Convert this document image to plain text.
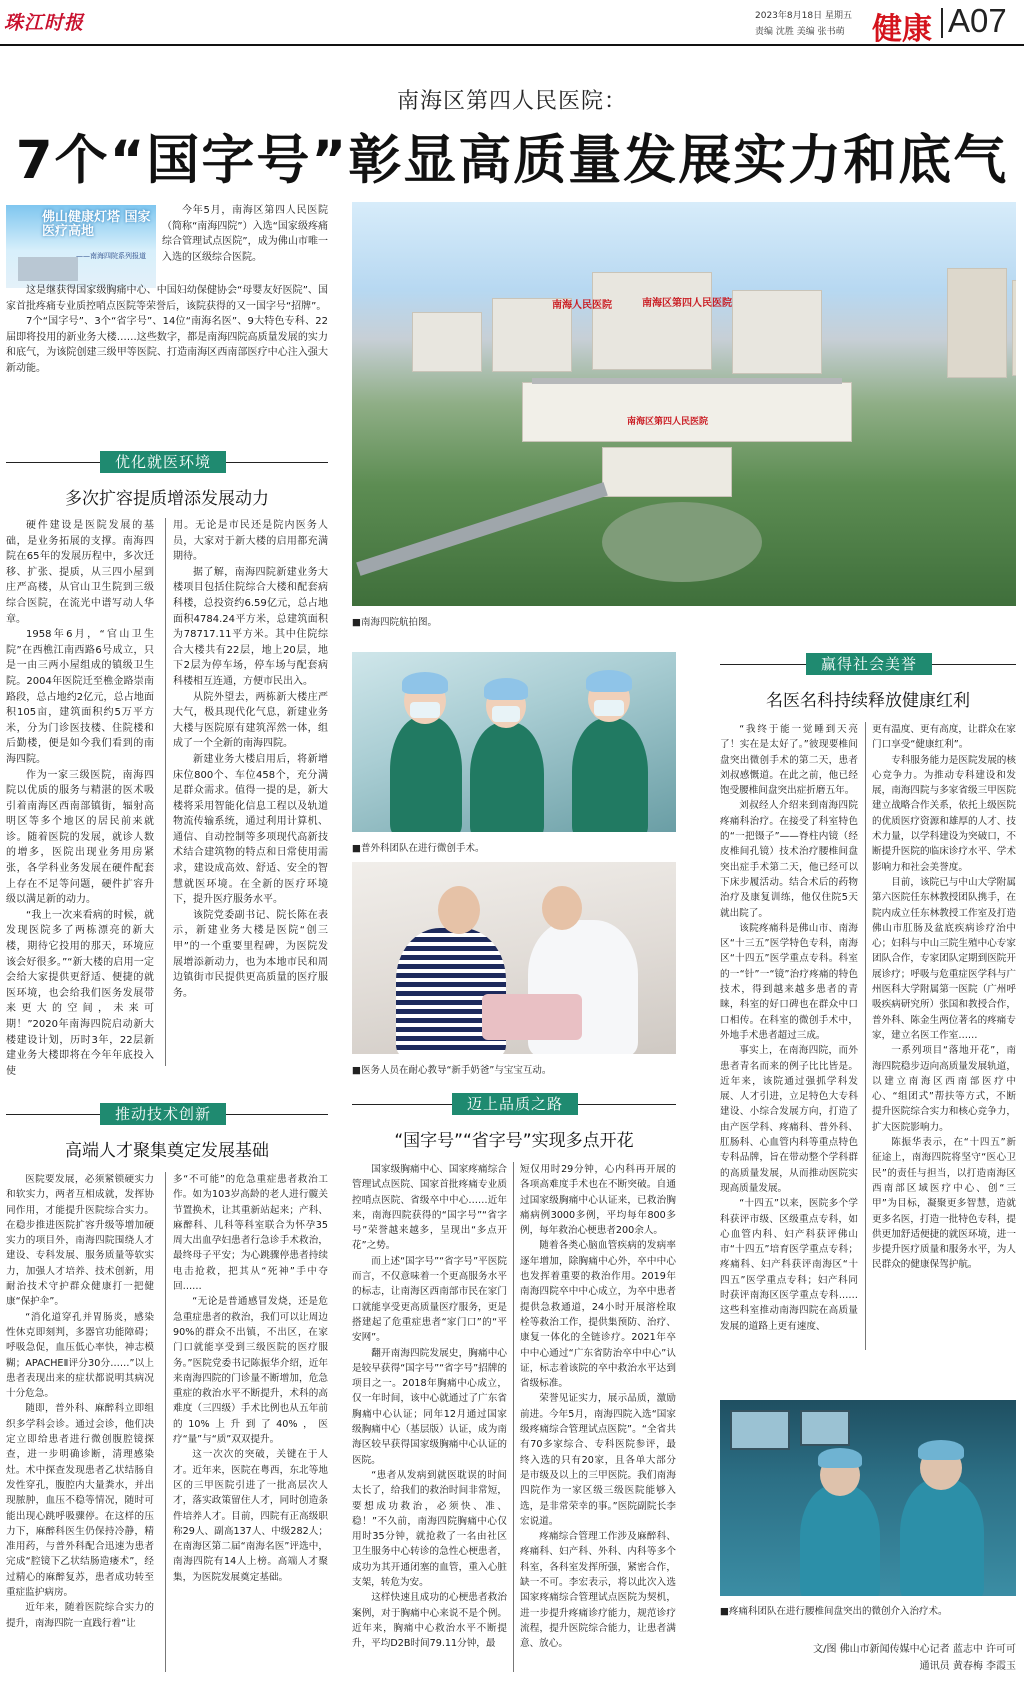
珠江时报	2023年8月18日 星期五
责编 沈胜 美编 张书萌 健康 A07
南海区第四人民医院：
7个“国字号”彰显高质量发展实力和底气
佛山健康灯塔 国家医疗高地
——南海四院系列报道

今年5月，南海区第四人民医院（简称“南海四院”）入选“国家级疼痛综合管理试点医院”，成为佛山市唯一入选的区级综合医院。

这是继获得国家级胸痛中心、中国妇幼保健协会“母婴友好医院”、国家首批疼痛专业质控哨点医院等荣誉后，该院获得的又一国字号“招牌”。

7个“国字号”、3个“省字号”、14位“南海名医”、9大特色专科、22届即将投用的新业务大楼……这些数字，都是南海四院高质量发展的实力和底气，为该院创建三级甲等医院、打造南海区西南部医疗中心注入强大新动能。

南海人民医院	南海区第四人民医院
南海区第四人民医院
■南海四院航拍图。
优化就医环境
多次扩容提质增添发展动力

硬件建设是医院发展的基础，是业务拓展的支撑。南海四院在65年的发展历程中，多次迁移、扩张、提质，从三四小屋到庄严高楼，从官山卫生院到三级综合医院，在流光中谱写动人华章。

1958年6月，“官山卫生院”在西樵江南西路6号成立，只是一由三两小屋组成的镇级卫生院。2004年医院迁至樵金路崇南路段，总占地约2亿元，总占地面积105亩，建筑面积约5万平方米，分为门诊医技楼、住院楼和后勤楼，便是如今我们看到的南海四院。

作为一家三级医院，南海四院以优质的服务与精湛的医术吸引着南海区西南部镇街，辐射高明区等多个地区的居民前来就诊。随着医院的发展，就诊人数的增多，医院出现业务用房紧张，各学科业务发展在硬件配套上存在不足等问题，硬件扩容升级以满足新的动力。

“我上一次来看病的时候，就发现医院多了两栋漂亮的新大楼，期待它投用的那天，环境应该会好很多。”“新大楼的启用一定会给大家提供更舒适、便捷的就医环境，也会给我们医务发展带来更大的空间，未来可期！”2020年南海四院启动新大楼建设计划，历时3年，22层新建业务大楼即将在今年年底投入使

用。无论是市民还是院内医务人员，大家对于新大楼的启用都充满期待。

据了解，南海四院新建业务大楼项目包括住院综合大楼和配套病科楼，总投资约6.59亿元，总占地面积4784.24平方米，总建筑面积为78717.11平方米。其中住院综合大楼共有22层，地上20层，地下2层为停车场，停车场与配套病科楼相互连通，方便市民出入。

从院外望去，两栋新大楼庄严大气，极具现代化气息，新建业务大楼与医院原有建筑浑然一体，组成了一个全新的南海四院。

新建业务大楼启用后，将新增床位800个、车位458个，充分满足群众需求。值得一提的是，新大楼将采用智能化信息工程以及轨道物流传输系统，通过利用计算机、通信、自动控制等多项现代高新技术结合建筑物的特点和日常使用需求，建设成高效、舒适、安全的智慧就医环境。在全新的医疗环境下，提升医疗服务水平。

该院党委副书记、院长陈在表示，新建业务大楼是医院“创三甲”的一个重要里程碑，为医院发展增添新动力，也为本地市民和周边镇街市民提供更高质量的医疗服务。

■普外科团队在进行微创手术。
■医务人员在耐心教导“新手奶爸”与宝宝互动。
赢得社会美誉
名医名科持续释放健康红利

“我终于能一觉睡到天亮了！实在是太好了。”彼现要椎间盘突出微创手术的第二天，患者刘叔感慨道。在此之前，他已经饱受腰椎间盘突出症折磨五年。

刘叔经人介绍来到南海四院疼痛科治疗。在接受了科室特色的“一把镊子”——脊柱内镜（经皮椎间孔镜）技术治疗腰椎间盘突出症手术第二天，他已经可以下床步履活动。结合术后的药物治疗及康复训练，他仅住院5天就出院了。

该院疼痛科是佛山市、南海区“十三五”医学特色专科，南海区“十四五”医学重点专科。科室的一“针”一“镜”治疗疼痛的特色技术，得到越来越多患者的青睐，科室的好口碑也在群众中口口相传。在科室的微创手术中，外地手术患者超过三成。

事实上，在南海四院，而外患者青名而来的例子比比皆是。近年来，该院通过强抓学科发展、人才引进，立足特色大专科建设、小综合发展方向，打造了由产医学科、疼痛科、普外科、肛肠科、心血管内科等重点特色专科品牌，旨在带动整个学科群的高质量发展，从而推动医院实现高质量发展。

“十四五”以来，医院多个学科获评市级、区级重点专科，如心血管内科、妇产科获评佛山市“十四五”培育医学重点专科；疼痛科、妇产科获评南海区“十四五”医学重点专科；妇产科同时获评南海区医学重点专科……这些科室推动南海四院在高质量发展的道路上更有速度、

更有温度、更有高度，让群众在家门口享受“健康红利”。

专科服务能力是医院发展的核心竞争力。为推动专科建设和发展，南海四院与多家省级三甲医院建立战略合作关系，依托上级医院的优质医疗资源和雄厚的人才、技术力量，以学科建设为突破口，不断提升医院的临床诊疗水平、学术影响力和社会美誉度。

目前，该院已与中山大学附属第六医院任东林教授团队携手，在院内成立任东林教授工作室及打造佛山市肛肠及盆底疾病诊疗治中心；妇科与中山三院生殖中心专家团队合作，专家团队定期到医院开展诊疗；呼吸与危重症医学科与广州医科大学附属第一医院（广州呼吸疾病研究所）张国和教授合作，普外科、陈金生两位著名的疼痛专家，建立名医工作室……

一系列项目“落地开花”，南海四院稳步迈向高质量发展轨道，以建立南海区西南部医疗中心、“组团式”帮扶等方式，不断提升医院综合实力和核心竞争力，扩大医院影响力。

陈振华表示，在“十四五”新征途上，南海四院将坚守“医心卫民”的责任与担当，以打造南海区西南部区域医疗中心、创“三甲”为目标，凝聚更多智慧，造就更多名医，打造一批特色专科，提供更加舒适便捷的就医环境，进一步提升医疗质量和服务水平，为人民群众的健康保驾护航。

推动技术创新
高端人才聚集奠定发展基础

医院要发展，必须紧锁硬实力和软实力，两者互相成就，发挥协同作用，才能提升医院综合实力。在稳步推进医院扩容升级等增加硬实力的项目外，南海四院围绕人才建设、专科发展、服务质量等软实力，加强人才培养、技术创新，用耐治技术守护群众健康打一把健康“保护伞”。

“消化道穿孔并胃肠炎，感染性休克即刻判，多器官功能障碍；呼吸急促，血压低心率快，神志模糊；APACHEⅡ评分30分……”以上患者表现出来的症状都说明其病况十分危急。

随即，普外科、麻醉科立即组织多学科会诊。通过会诊，他们决定立即给患者进行微创腹腔镜探查，进一步明确诊断，清理感染灶。术中探查发现患者乙状结肠自发性穿孔，腹腔内大量粪水，并出现脓肿，血压不稳等情况，随时可能出现心跳呼吸骤停。在这样的压力下，麻醉科医生仍保持冷静，精准用药，与普外科配合迅速为患者完成“腔镜下乙状结肠造瘘术”，经过精心的麻醉复苏，患者成功转至重症监护病房。

近年来，随着医院综合实力的提升，南海四院一直践行着“让

多“不可能”的危急重症患者救治工作。如为103岁高龄的老人进行髋关节置换术，让其重新站起来；产科、麻醉科、儿科等科室联合为怀孕35周大出血孕妇患者行急诊手术救治，最终母子平安；为心跳骤停患者持续电击抢救，把其从“死神”手中夺回……

“无论是普通感冒发烧，还是危急重症患者的救治，我们可以让周边90%的群众不出镇，不出区，在家门口就能享受到三级医院的医疗服务。”医院党委书记陈振华介绍，近年来南海四院的门诊量不断增加，危急重症的救治水平不断提升，术科的高难度（三四级）手术比例也从五年前的10%上升到了40%，医疗“量”与“质”双双提升。

这一次次的突破，关键在于人才。近年来，医院在粤西，东北等地区的三甲医院引进了一批高层次人才，落实政策留住人才，同时创造条件培养人才。目前，四院有正高级职称29人、副高137人、中级282人；在南海区第二届“南海名医”评选中，南海四院有14人上榜。高端人才聚集，为医院发展奠定基础。

迈上品质之路
“国字号”“省字号”实现多点开花

国家级胸痛中心、国家疼痛综合管理试点医院、国家首批疼痛专业质控哨点医院、省级卒中中心……近年来，南海四院获得的“国字号”“省字号”荣誉越来越多，呈现出“多点开花”之势。

而上述“国字号”“省字号”平医院而言，不仅意味着一个更高服务水平的标志，让南海区西南部市民在家门口就能享受更高质量医疗服务，更是搭建起了危重症患者“家门口”的“平安网”。

翻开南海四院发展史，胸痛中心是较早获得“国字号”“省字号”招牌的项目之一。2018年胸痛中心成立，仅一年时间，该中心就通过了广东省胸痛中心认证；同年12月通过国家级胸痛中心（基层版）认证，成为南海区较早获得国家级胸痛中心认证的医院。

“患者从发病到就医耽误的时间太长了，给我们的救治时间非常短，要想成功救治，必须快、准、稳！”不久前，南海四院胸痛中心仅用时35分钟，就抢救了一名由社区卫生服务中心转诊的急性心梗患者，成功为其开通闭塞的血管，重入心脏支架，转危为安。

这样快速且成功的心梗患者救治案例，对于胸痛中心来说不是个例。近年来，胸痛中心救治水平不断提升，平均D2B时间79.11分钟，最

短仅用时29分钟，心内科再开展的各项高难度手术也在不断突破。自通过国家级胸痛中心认证来，已救治胸痛病例3000多例，平均每年800多例，每年救治心梗患者200余人。

随着各类心脑血管疾病的发病率逐年增加，除胸痛中心外，卒中中心也发挥着重要的救治作用。2019年南海四院卒中中心成立，为卒中患者提供急救通道，24小时开展溶栓取栓等救治工作，提供集预防、治疗、康复一体化的全链诊疗。2021年卒中中心通过“广东省防治卒中中心”认证，标志着该院的卒中救治水平达到省级标准。

荣誉见证实力，展示品质，激励前进。今年5月，南海四院入选“国家级疼痛综合管理试点医院”。“全省共有70多家综合、专科医院参评，最终入选的只有20家，且各单大部分是市级及以上的三甲医院。我们南海四院作为一家区级三级医院能够入选，是非常荣幸的事。”医院副院长李宏说道。

疼痛综合管理工作涉及麻醉科、疼痛科、妇产科、外科、内科等多个科室，各科室发挥所强，紧密合作，缺一不可。李宏表示，将以此次入选国家疼痛综合管理试点医院为契机，进一步提升疼痛诊疗能力，规范诊疗流程，提升医院综合能力，让患者满意、放心。

■疼痛科团队在进行腰椎间盘突出的微创介入治疗术。
文/图 佛山市新闻传媒中心记者 蓝志中 许可可
通讯员 黄春梅 李霞玉
